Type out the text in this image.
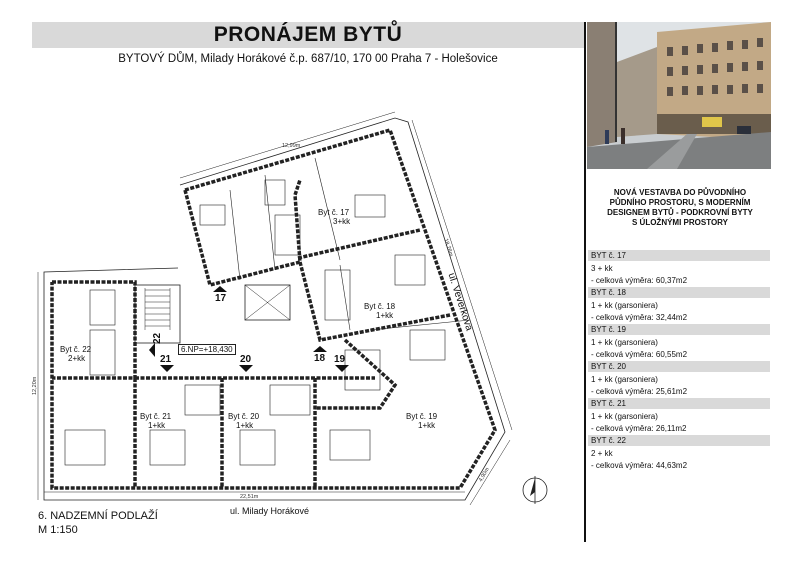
PRONÁJEM BYTŮ
BYTOVÝ DŮM, Milady Horákové č.p. 687/10, 170 00 Praha 7 - Holešovice
NOVÁ VESTAVBA DO PŮVODNÍHO
PŮDNÍHO PROSTORU, S MODERNÍM
DESIGNEM BYTŮ - PODKROVNÍ BYTY
S ÚLOŽNÝMI PROSTORY
BYT č. 17
3 + kk
- celková výměra: 60,37m2
BYT č. 18
1 + kk (garsoniera)
- celková výměra: 32,44m2
BYT č. 19
1 + kk (garsoniera)
- celková výměra: 60,55m2
BYT č. 20
1 + kk (garsoniera)
- celková výměra: 25,61m2
BYT č. 21
1 + kk (garsoniera)
- celková výměra: 26,11m2
BYT č. 22
2 + kk
- celková výměra: 44,63m2
Byt č. 17
3+kk
Byt č. 18
1+kk
Byt č. 19
1+kk
Byt č. 20
1+kk
Byt č. 21
1+kk
Byt č. 22
2+kk
17
18 19
20
21
22
6.NP=+18,430
12,99m
18,28m
12,20m
22,51m
4,90m
ul. Veverkova
ul. Milady Horákové
6. NADZEMNÍ PODLAŽÍ
M 1:150
